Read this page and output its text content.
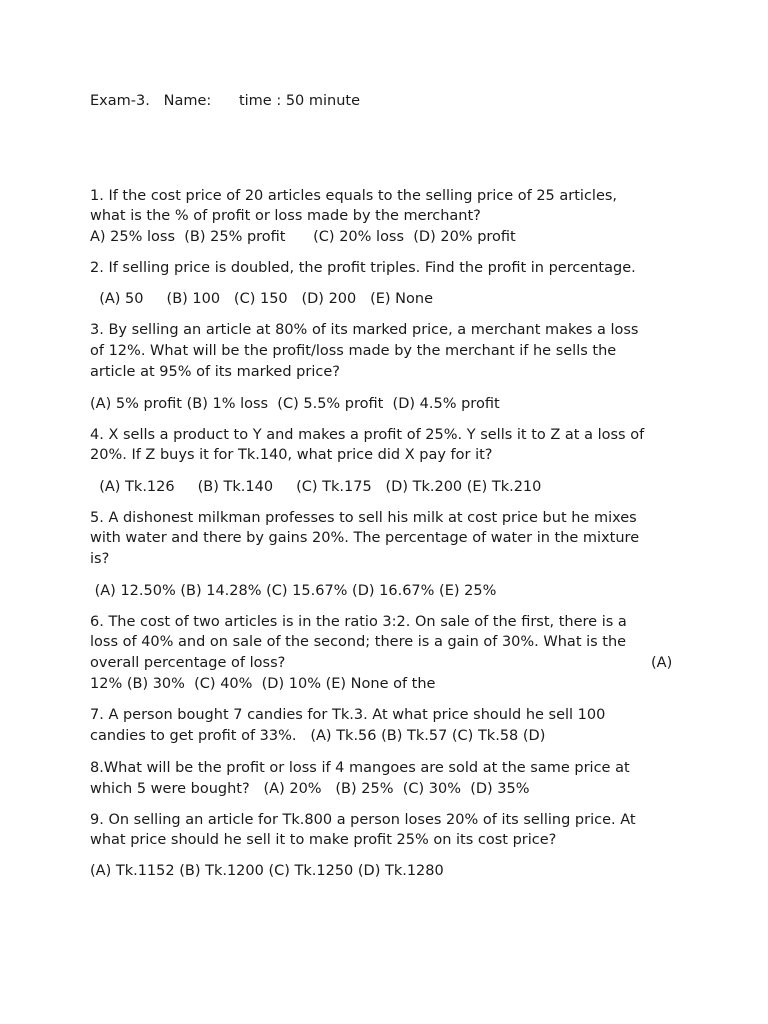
Exam-3.   Name:      time : 50 minute
1. If the cost price of 20 articles equals to the selling price of 25 articles,
what is the % of profit or loss made by the merchant?
A) 25% loss  (B) 25% profit      (C) 20% loss  (D) 20% profit
2. If selling price is doubled, the profit triples. Find the profit in percentage.
(A) 50     (B) 100   (C) 150   (D) 200   (E) None
3. By selling an article at 80% of its marked price, a merchant makes a loss
of 12%. What will be the profit/loss made by the merchant if he sells the
article at 95% of its marked price?
(A) 5% profit (B) 1% loss  (C) 5.5% profit  (D) 4.5% profit
4. X sells a product to Y and makes a profit of 25%. Y sells it to Z at a loss of
20%. If Z buys it for Tk.140, what price did X pay for it?
(A) Tk.126     (B) Tk.140     (C) Tk.175   (D) Tk.200 (E) Tk.210
5. A dishonest milkman professes to sell his milk at cost price but he mixes
with water and there by gains 20%. The percentage of water in the mixture
is?
(A) 12.50% (B) 14.28% (C) 15.67% (D) 16.67% (E) 25%
6. The cost of two articles is in the ratio 3:2. On sale of the first, there is a
loss of 40% and on sale of the second; there is a gain of 30%. What is the
overall percentage of loss?	(A)
12% (B) 30%  (C) 40%  (D) 10% (E) None of the
7. A person bought 7 candies for Tk.3. At what price should he sell 100
candies to get profit of 33%.   (A) Tk.56 (B) Tk.57 (C) Tk.58 (D)
8.What will be the profit or loss if 4 mangoes are sold at the same price at
which 5 were bought?   (A) 20%   (B) 25%  (C) 30%  (D) 35%
9. On selling an article for Tk.800 a person loses 20% of its selling price. At
what price should he sell it to make profit 25% on its cost price?
(A) Tk.1152 (B) Tk.1200 (C) Tk.1250 (D) Tk.1280
